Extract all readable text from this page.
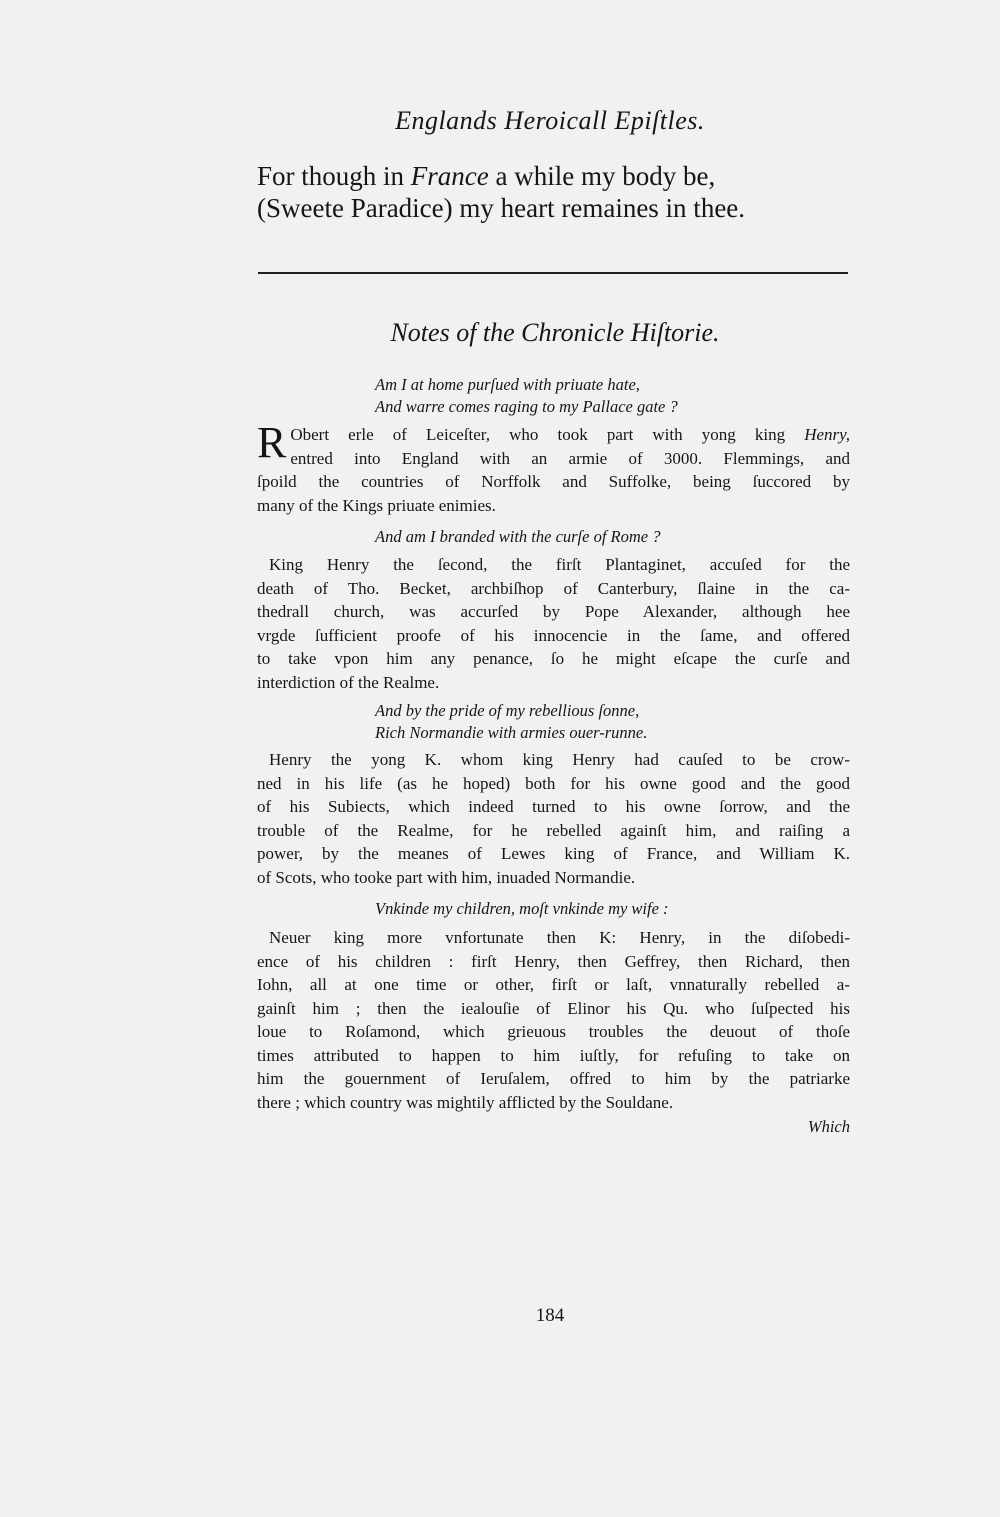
Englands Heroicall Epiſtles.
For though in France a while my body be,
(Sweete Paradice) my heart remaines in thee.
Notes of the Chronicle Hiſtorie.
Am I at home purſued with priuate hate,
And warre comes raging to my Pallace gate ?
R Obert erle of Leiceſter, who took part with yong king Henry,
entred into England with an armie of 3000. Flemmings, and
ſpoild the countries of Norffolk and Suffolke, being ſuccored by
many of the Kings priuate enimies.
And am I branded with the curſe of Rome ?
King Henry the ſecond, the firſt Plantaginet, accuſed for the
death of Tho. Becket, archbiſhop of Canterbury, ſlaine in the ca-
thedrall church, was accurſed by Pope Alexander, although hee
vrgde ſufficient proofe of his innocencie in the ſame, and offered
to take vpon him any penance, ſo he might eſcape the curſe and
interdiction of the Realme.
And by the pride of my rebellious ſonne,
Rich Normandie with armies ouer-runne.
Henry the yong K. whom king Henry had cauſed to be crow-
ned in his life (as he hoped) both for his owne good and the good
of his Subiects, which indeed turned to his owne ſorrow, and the
trouble of the Realme, for he rebelled againſt him, and raiſing a
power, by the meanes of Lewes king of France, and William K.
of Scots, who tooke part with him, inuaded Normandie.
Vnkinde my children, moſt vnkinde my wife :
Neuer king more vnfortunate then K: Henry, in the diſobedi-
ence of his children : firſt Henry, then Geffrey, then Richard, then
Iohn, all at one time or other, firſt or laſt, vnnaturally rebelled a-
gainſt him ; then the iealouſie of Elinor his Qu. who ſuſpected his
loue to Roſamond, which grieuous troubles the deuout of thoſe
times attributed to happen to him iuſtly, for refuſing to take on
him the gouernment of Ieruſalem, offred to him by the patriarke
there ; which country was mightily afflicted by the Souldane.
Which
184
